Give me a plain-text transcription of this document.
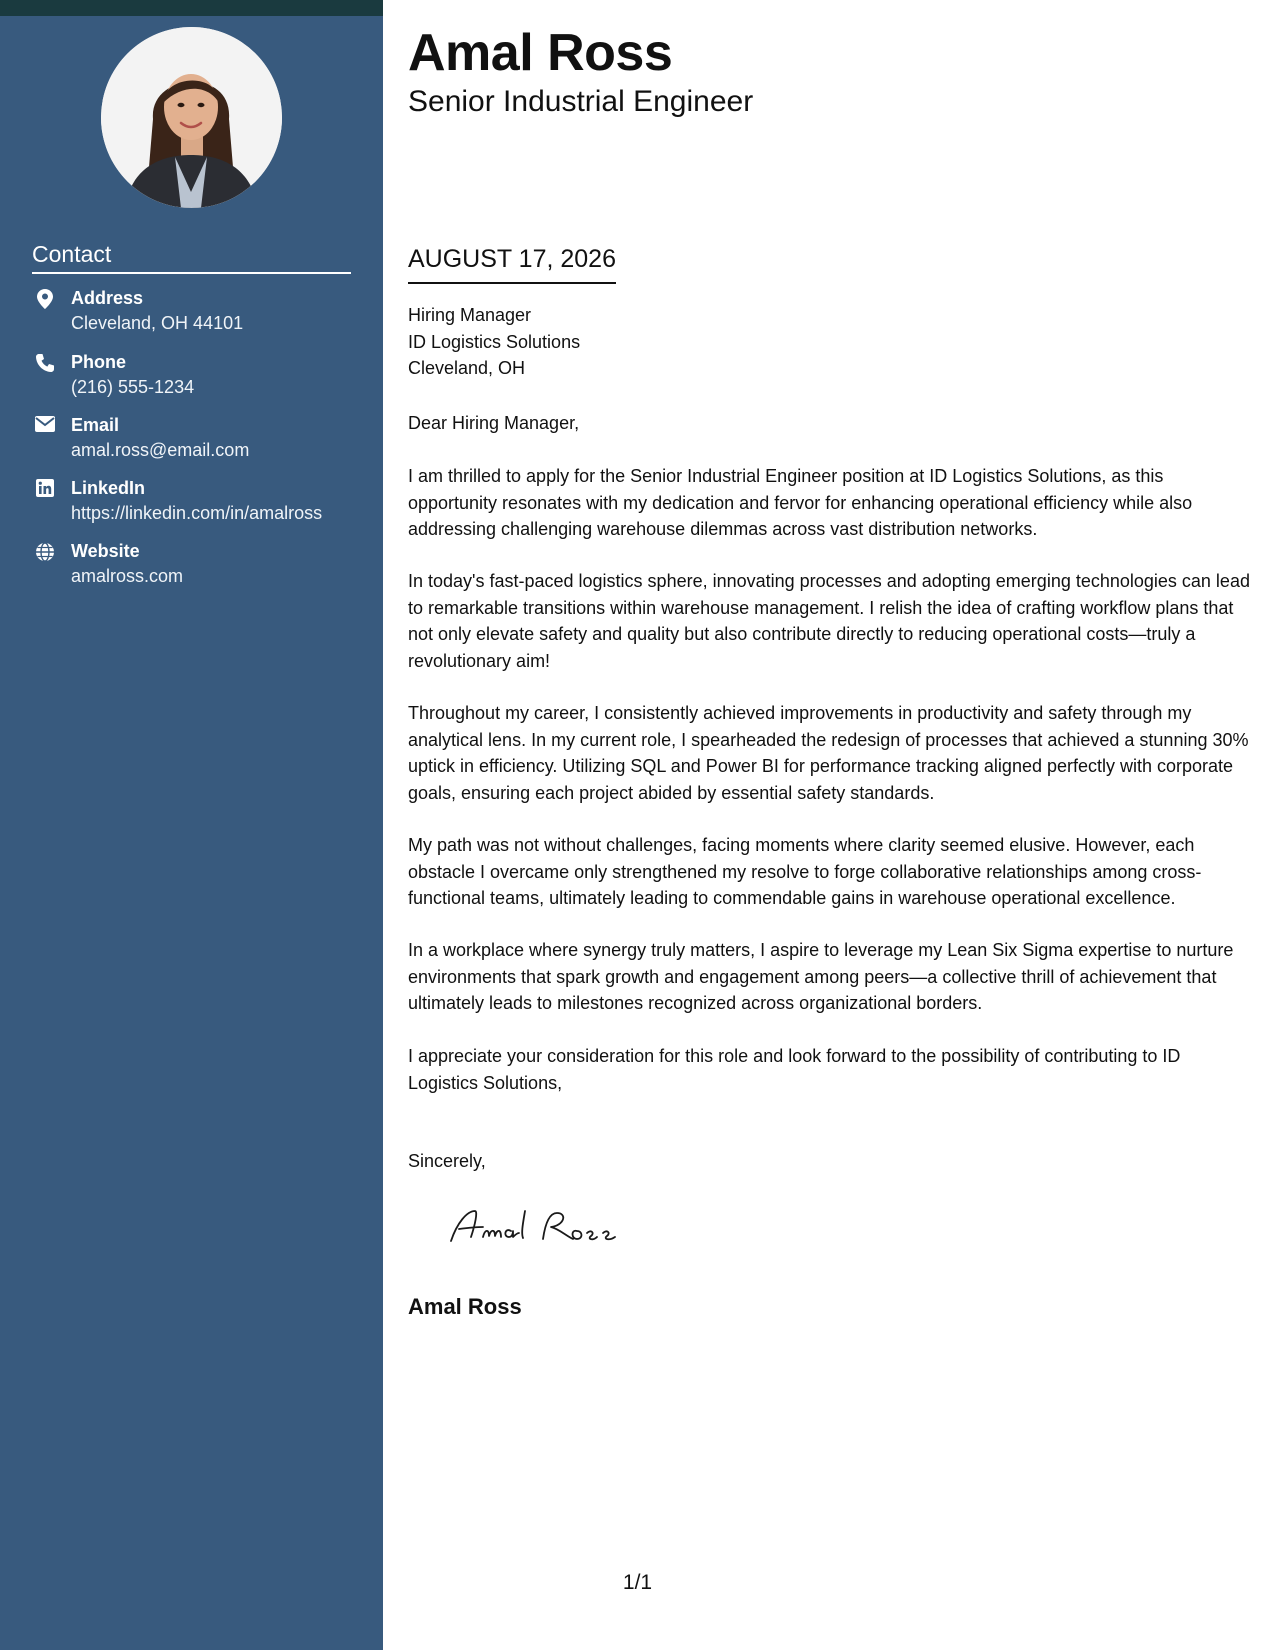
Contact
Address
Cleveland, OH 44101
Phone
(216) 555-1234
Email
amal.ross@email.com
LinkedIn
https://linkedin.com/in/amalross
Website
amalross.com
Amal Ross
Senior Industrial Engineer
AUGUST 17, 2026
Hiring Manager
ID Logistics Solutions
Cleveland, OH
Dear Hiring Manager,

I am thrilled to apply for the Senior Industrial Engineer position at ID Logistics Solutions, as this opportunity resonates with my dedication and fervor for enhancing operational efficiency while also addressing challenging warehouse dilemmas across vast distribution networks.

In today's fast-paced logistics sphere, innovating processes and adopting emerging technologies can lead to remarkable transitions within warehouse management. I relish the idea of crafting workflow plans that not only elevate safety and quality but also contribute directly to reducing operational costs—truly a revolutionary aim!

Throughout my career, I consistently achieved improvements in productivity and safety through my analytical lens. In my current role, I spearheaded the redesign of processes that achieved a stunning 30% uptick in efficiency. Utilizing SQL and Power BI for performance tracking aligned perfectly with corporate goals, ensuring each project abided by essential safety standards.

My path was not without challenges, facing moments where clarity seemed elusive. However, each obstacle I overcame only strengthened my resolve to forge collaborative relationships among cross-functional teams, ultimately leading to commendable gains in warehouse operational excellence.

In a workplace where synergy truly matters, I aspire to leverage my Lean Six Sigma expertise to nurture environments that spark growth and engagement among peers—a collective thrill of achievement that ultimately leads to milestones recognized across organizational borders.

I appreciate your consideration for this role and look forward to the possibility of contributing to ID Logistics Solutions,

Sincerely,
Amal Ross
1/1
